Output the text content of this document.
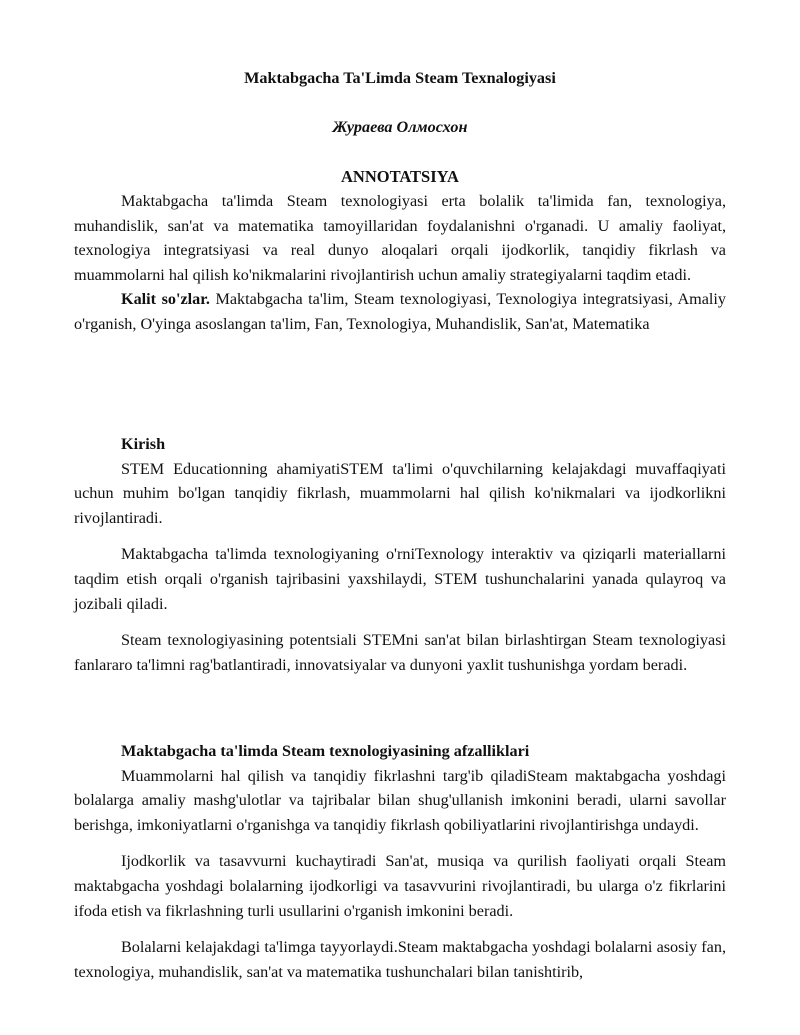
Maktabgacha Ta'Limda Steam Texnalogiyasi
Жураева Олмосхон
ANNOTATSIYA

Maktabgacha ta'limda Steam texnologiyasi erta bolalik ta'limida fan, texnologiya, muhandislik, san'at va matematika tamoyillaridan foydalanishni o'rganadi. U amaliy faoliyat, texnologiya integratsiyasi va real dunyo aloqalari orqali ijodkorlik, tanqidiy fikrlash va muammolarni hal qilish ko'nikmalarini rivojlantirish uchun amaliy strategiyalarni taqdim etadi.

Kalit so'zlar. Maktabgacha ta'lim, Steam texnologiyasi, Texnologiya integratsiyasi, Amaliy o'rganish, O'yinga asoslangan ta'lim, Fan, Texnologiya, Muhandislik, San'at, Matematika

Kirish

STEM Educationning ahamiyatiSTEM ta'limi o'quvchilarning kelajakdagi muvaffaqiyati uchun muhim bo'lgan tanqidiy fikrlash, muammolarni hal qilish ko'nikmalari va ijodkorlikni rivojlantiradi.

Maktabgacha ta'limda texnologiyaning o'rniTexnology interaktiv va qiziqarli materiallarni taqdim etish orqali o'rganish tajribasini yaxshilaydi, STEM tushunchalarini yanada qulayroq va jozibali qiladi.

Steam texnologiyasining potentsiali STEMni san'at bilan birlashtirgan Steam texnologiyasi fanlararo ta'limni rag'batlantiradi, innovatsiyalar va dunyoni yaxlit tushunishga yordam beradi.

Maktabgacha ta'limda Steam texnologiyasining afzalliklari

Muammolarni hal qilish va tanqidiy fikrlashni targ'ib qiladiSteam maktabgacha yoshdagi bolalarga amaliy mashg'ulotlar va tajribalar bilan shug'ullanish imkonini beradi, ularni savollar berishga, imkoniyatlarni o'rganishga va tanqidiy fikrlash qobiliyatlarini rivojlantirishga undaydi.

Ijodkorlik va tasavvurni kuchaytiradi San'at, musiqa va qurilish faoliyati orqali Steam maktabgacha yoshdagi bolalarning ijodkorligi va tasavvurini rivojlantiradi, bu ularga o'z fikrlarini ifoda etish va fikrlashning turli usullarini o'rganish imkonini beradi.

Bolalarni kelajakdagi ta'limga tayyorlaydi.Steam maktabgacha yoshdagi bolalarni asosiy fan, texnologiya, muhandislik, san'at va matematika tushunchalari bilan tanishtirib,
